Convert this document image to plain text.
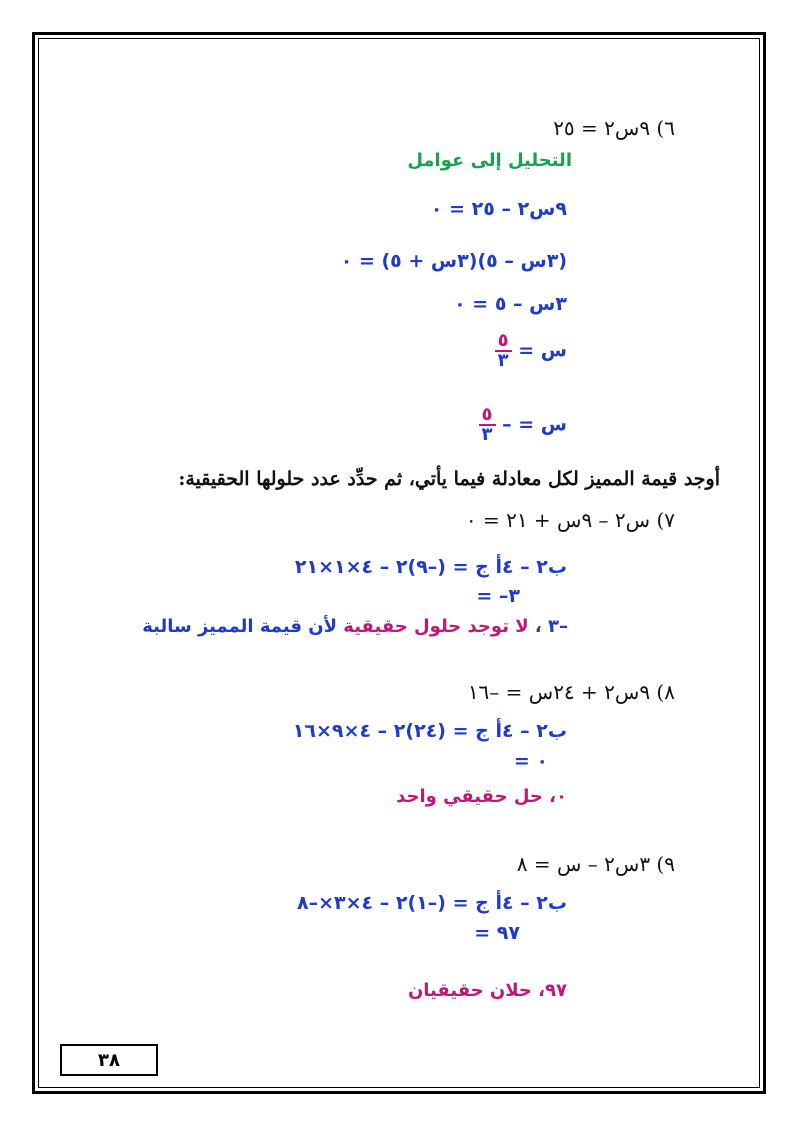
٦) ٩س٢ = ٢٥
التحليل إلى عوامل
٩س٢ – ٢٥ = ٠
(٣س – ٥)(٣س + ٥) = ٠
٣س – ٥ = ٠
س =
$\frac{٥}{٣}$
س = –
$\frac{٥}{٣}$
أوجد قيمة المميز لكل معادلة فيما يأتي، ثم حدِّد عدد حلولها الحقيقية:
٧) س٢ – ٩س + ٢١ = ٠
ب٢ – ٤أ ج = (–٩)٢ – ٤×١×٢١
= –٣
–٣ ، لا توجد حلول حقيقية لأن قيمة المميز سالبة
٨) ٩س٢ + ٢٤س = –١٦
ب٢ – ٤أ ج = (٢٤)٢ – ٤×٩×١٦
= ٠
٠، حل حقيقي واحد
٩) ٣س٢ – س = ٨
ب٢ – ٤أ ج = (–١)٢ – ٤×٣×–٨
= ٩٧
٩٧، حلان حقيقيان
٣٨
